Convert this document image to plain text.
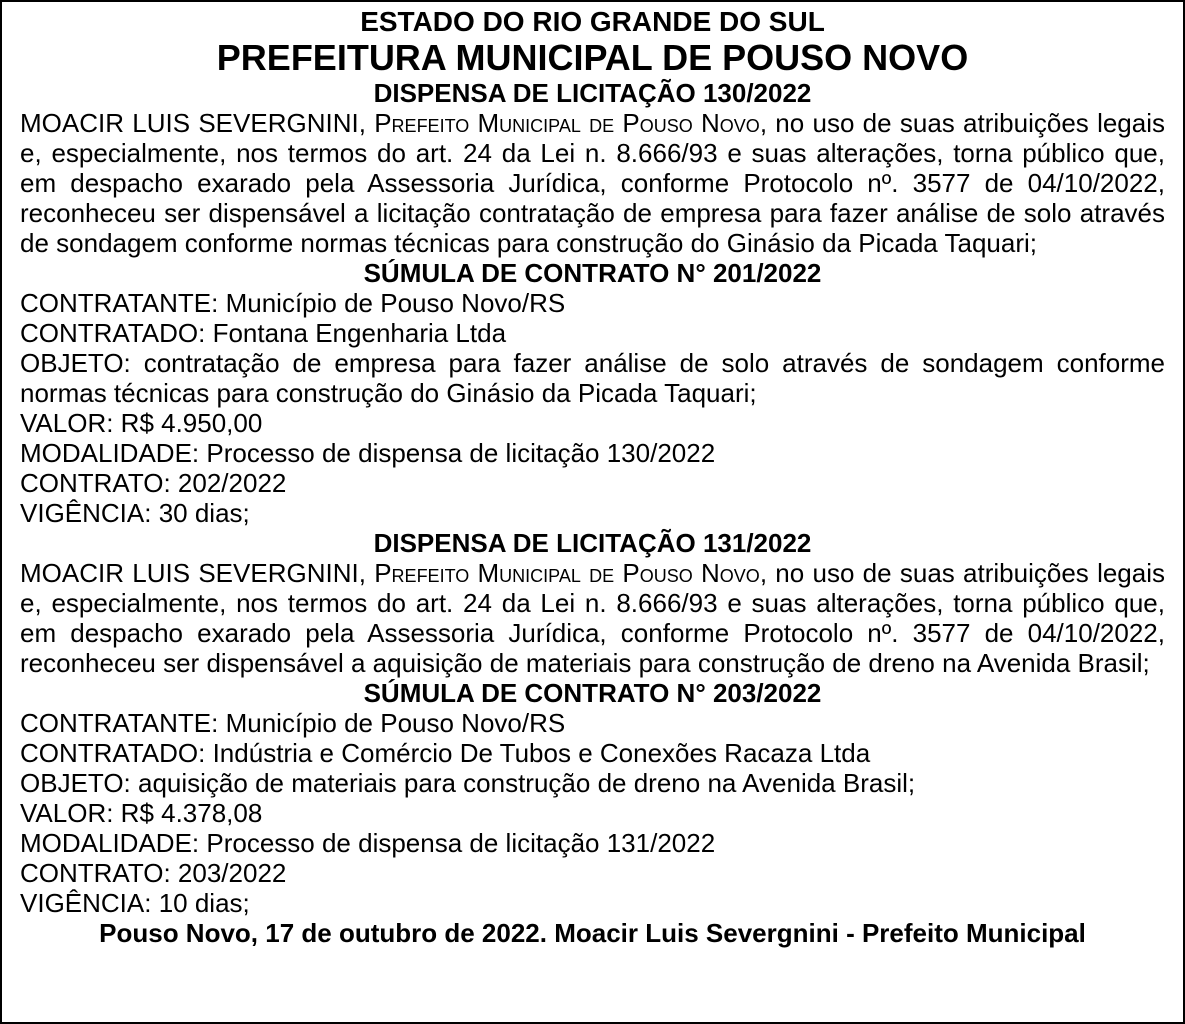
ESTADO DO RIO GRANDE DO SUL
PREFEITURA MUNICIPAL DE POUSO NOVO
DISPENSA DE LICITAÇÃO 130/2022

MOACIR LUIS SEVERGNINI, Prefeito Municipal de Pouso Novo, no uso de suas atribuições legais e, especialmente, nos termos do art. 24 da Lei n. 8.666/93 e suas alterações, torna público que, em despacho exarado pela Assessoria Jurídica, conforme Protocolo nº. 3577 de 04/10/2022, reconheceu ser dispensável a licitação contratação de empresa para fazer análise de solo através de sondagem conforme normas técnicas para construção do Ginásio da Picada Taquari;

SÚMULA DE CONTRATO N° 201/2022

CONTRATANTE: Município de Pouso Novo/RS

CONTRATADO: Fontana Engenharia Ltda

OBJETO: contratação de empresa para fazer análise de solo através de sondagem conforme normas técnicas para construção do Ginásio da Picada Taquari;

VALOR: R$ 4.950,00

MODALIDADE: Processo de dispensa de licitação 130/2022

CONTRATO: 202/2022

VIGÊNCIA: 30 dias;

DISPENSA DE LICITAÇÃO 131/2022

MOACIR LUIS SEVERGNINI, Prefeito Municipal de Pouso Novo, no uso de suas atribuições legais e, especialmente, nos termos do art. 24 da Lei n. 8.666/93 e suas alterações, torna público que, em despacho exarado pela Assessoria Jurídica, conforme Protocolo nº. 3577 de 04/10/2022, reconheceu ser dispensável a aquisição de materiais para construção de dreno na Avenida Brasil;

SÚMULA DE CONTRATO N° 203/2022

CONTRATANTE: Município de Pouso Novo/RS

CONTRATADO: Indústria e Comércio De Tubos e Conexões Racaza Ltda

OBJETO: aquisição de materiais para construção de dreno na Avenida Brasil;

VALOR: R$ 4.378,08

MODALIDADE: Processo de dispensa de licitação 131/2022

CONTRATO: 203/2022

VIGÊNCIA: 10 dias;

Pouso Novo, 17 de outubro de 2022. Moacir Luis Severgnini - Prefeito Municipal
